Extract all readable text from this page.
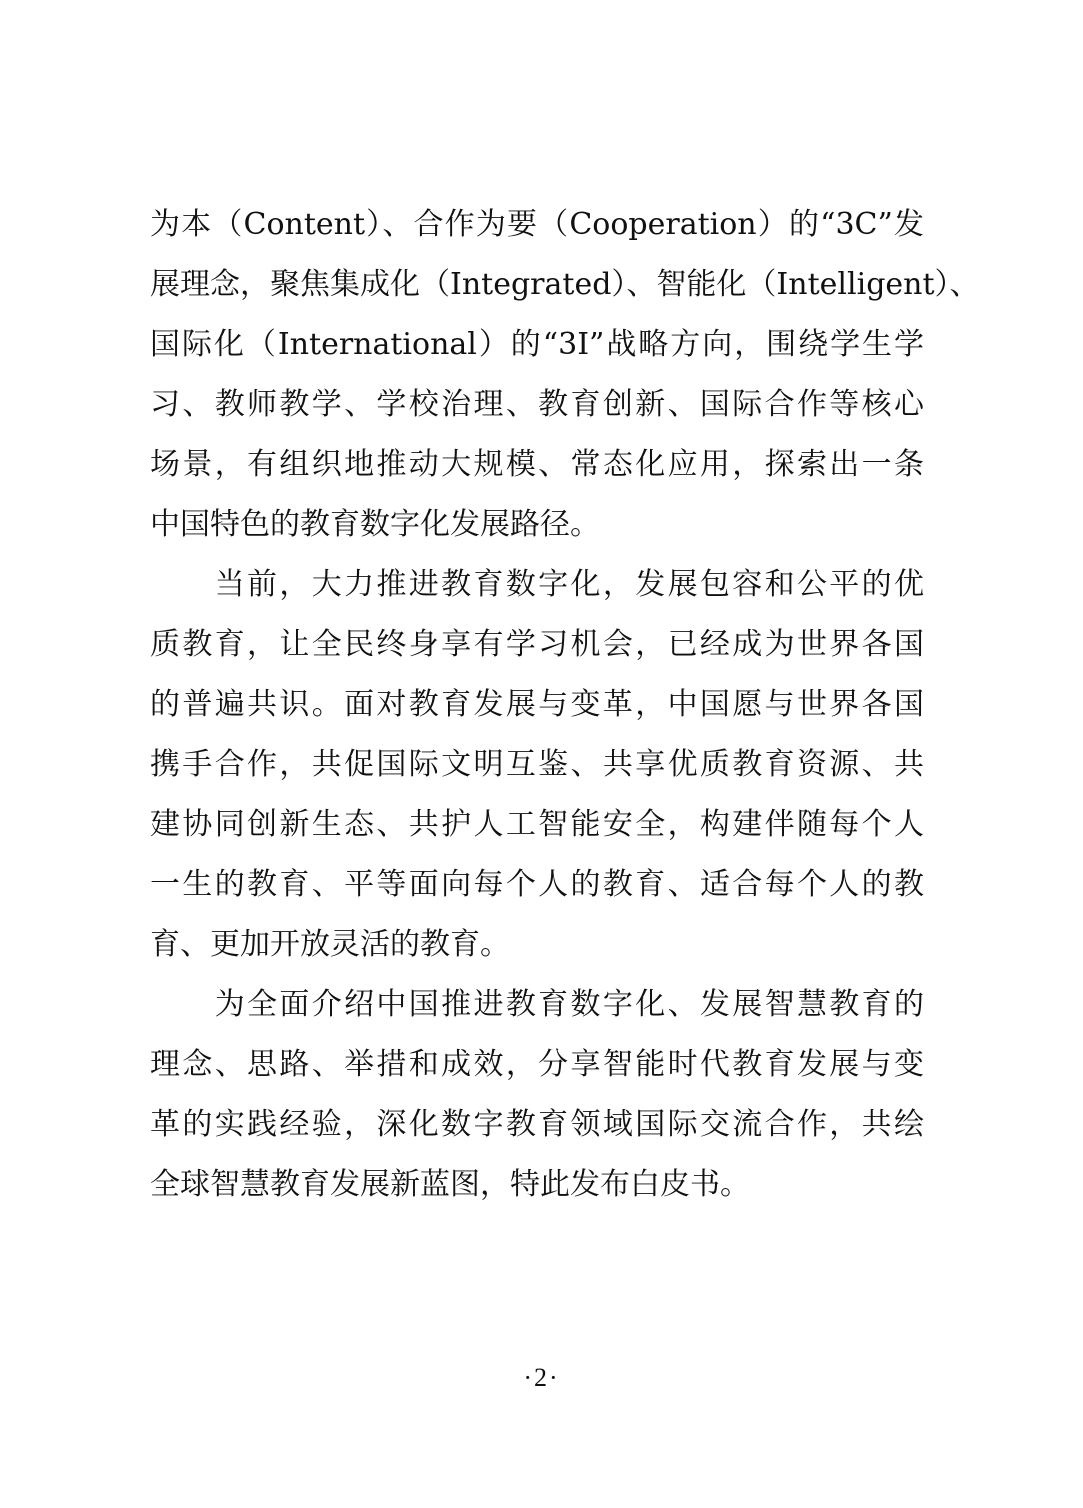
为本（Content）、合作为要（Cooperation）的“3C”发
展理念，聚焦集成化（Integrated）、智能化（Intelligent）、
国际化（International）的“3I”战略方向，围绕学生学
习、教师教学、学校治理、教育创新、国际合作等核心
场景，有组织地推动大规模、常态化应用，探索出一条
中国特色的教育数字化发展路径。
　　当前，大力推进教育数字化，发展包容和公平的优
质教育，让全民终身享有学习机会，已经成为世界各国
的普遍共识。面对教育发展与变革，中国愿与世界各国
携手合作，共促国际文明互鉴、共享优质教育资源、共
建协同创新生态、共护人工智能安全，构建伴随每个人
一生的教育、平等面向每个人的教育、适合每个人的教
育、更加开放灵活的教育。
　　为全面介绍中国推进教育数字化、发展智慧教育的
理念、思路、举措和成效，分享智能时代教育发展与变
革的实践经验，深化数字教育领域国际交流合作，共绘
全球智慧教育发展新蓝图，特此发布白皮书。
·2·
